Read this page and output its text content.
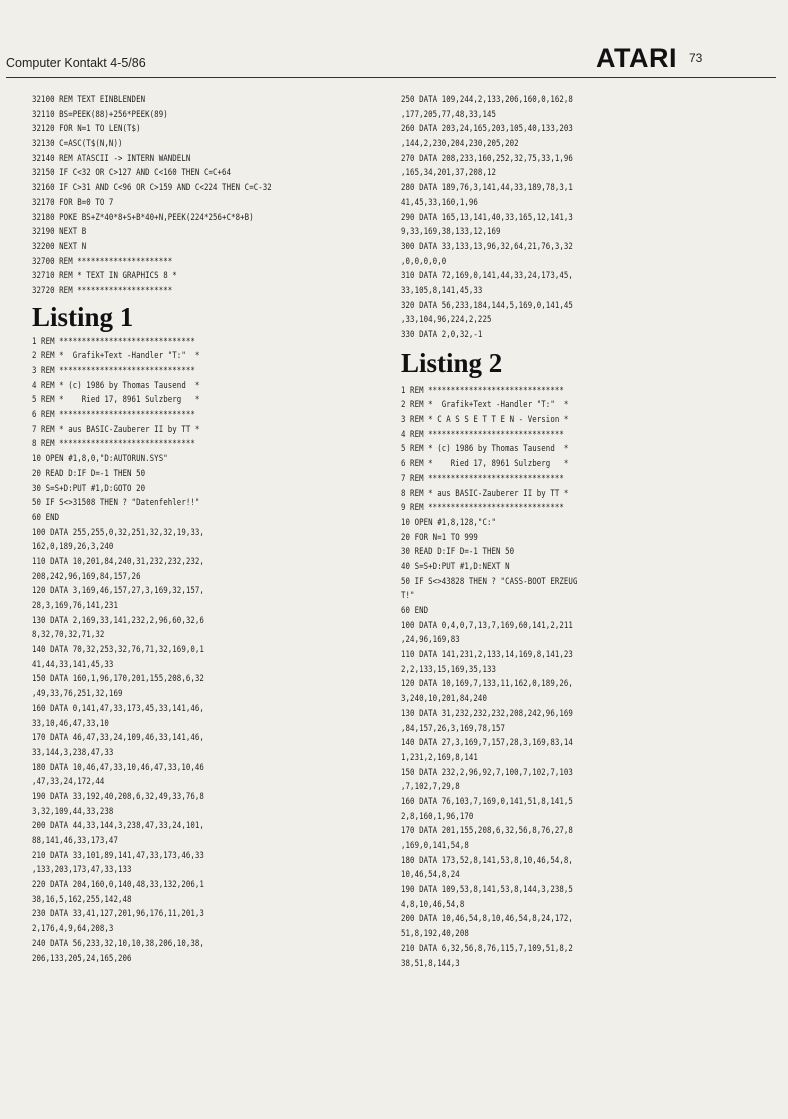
Computer Kontakt 4-5/86	ATARI 73
32100 REM TEXT EINBLENDEN
32110 BS=PEEK(88)+256*PEEK(89)
32120 FOR N=1 TO LEN(T$)
32130 C=ASC(T$(N,N))
32140 REM ATASCII -> INTERN WANDELN
32150 IF C<32 OR C>127 AND C<160 THEN C=C+64
32160 IF C>31 AND C<96 OR C>159 AND C<224 THEN C=C-32
32170 FOR B=0 TO 7
32180 POKE BS+Z*40*8+S+B*40+N,PEEK(224*256+C*8+B)
32190 NEXT B
32200 NEXT N
32700 REM *********************
32710 REM * TEXT IN GRAPHICS 8 *
32720 REM *********************
Listing 1
1 REM ******************************
2 REM *  Grafik+Text -Handler "T:"  *
3 REM ******************************
4 REM * (c) 1986 by Thomas Tausend  *
5 REM *    Ried 17, 8961 Sulzberg   *
6 REM ******************************
7 REM * aus BASIC-Zauberer II by TT *
8 REM ******************************
10 OPEN #1,8,0,"D:AUTORUN.SYS"
20 READ D:IF D=-1 THEN 50
30 S=S+D:PUT #1,D:GOTO 20
50 IF S<>31508 THEN ? "Datenfehler!!"
60 END
100 DATA 255,255,0,32,251,32,32,19,33,
162,0,189,26,3,240
110 DATA 10,201,84,240,31,232,232,232,
208,242,96,169,84,157,26
120 DATA 3,169,46,157,27,3,169,32,157,
28,3,169,76,141,231
130 DATA 2,169,33,141,232,2,96,60,32,6
8,32,70,32,71,32
140 DATA 70,32,253,32,76,71,32,169,0,1
41,44,33,141,45,33
150 DATA 160,1,96,170,201,155,208,6,32
,49,33,76,251,32,169
160 DATA 0,141,47,33,173,45,33,141,46,
33,10,46,47,33,10
170 DATA 46,47,33,24,109,46,33,141,46,
33,144,3,238,47,33
180 DATA 10,46,47,33,10,46,47,33,10,46
,47,33,24,172,44
190 DATA 33,192,40,208,6,32,49,33,76,8
3,32,109,44,33,238
200 DATA 44,33,144,3,238,47,33,24,101,
88,141,46,33,173,47
210 DATA 33,101,89,141,47,33,173,46,33
,133,203,173,47,33,133
220 DATA 204,160,0,140,48,33,132,206,1
38,16,5,162,255,142,48
230 DATA 33,41,127,201,96,176,11,201,3
2,176,4,9,64,208,3
240 DATA 56,233,32,10,10,38,206,10,38,
206,133,205,24,165,206
250 DATA 109,244,2,133,206,160,0,162,8
,177,205,77,48,33,145
260 DATA 203,24,165,203,105,40,133,203
,144,2,230,204,230,205,202
270 DATA 208,233,160,252,32,75,33,1,96
,165,34,201,37,208,12
280 DATA 189,76,3,141,44,33,189,78,3,1
41,45,33,160,1,96
290 DATA 165,13,141,40,33,165,12,141,3
9,33,169,38,133,12,169
300 DATA 33,133,13,96,32,64,21,76,3,32
,0,0,0,0,0
310 DATA 72,169,0,141,44,33,24,173,45,
33,105,8,141,45,33
320 DATA 56,233,184,144,5,169,0,141,45
,33,104,96,224,2,225
330 DATA 2,0,32,-1
Listing 2
1 REM ******************************
2 REM *  Grafik+Text -Handler "T:"  *
3 REM * C A S S E T T E N - Version *
4 REM ******************************
5 REM * (c) 1986 by Thomas Tausend  *
6 REM *    Ried 17, 8961 Sulzberg   *
7 REM ******************************
8 REM * aus BASIC-Zauberer II by TT *
9 REM ******************************
10 OPEN #1,8,128,"C:"
20 FOR N=1 TO 999
30 READ D:IF D=-1 THEN 50
40 S=S+D:PUT #1,D:NEXT N
50 IF S<>43828 THEN ? "CASS-BOOT ERZEUG
T!"
60 END
100 DATA 0,4,0,7,13,7,169,60,141,2,211
,24,96,169,83
110 DATA 141,231,2,133,14,169,8,141,23
2,2,133,15,169,35,133
120 DATA 10,169,7,133,11,162,0,189,26,
3,240,10,201,84,240
130 DATA 31,232,232,232,208,242,96,169
,84,157,26,3,169,78,157
140 DATA 27,3,169,7,157,28,3,169,83,14
1,231,2,169,8,141
150 DATA 232,2,96,92,7,100,7,102,7,103
,7,102,7,29,8
160 DATA 76,103,7,169,0,141,51,8,141,5
2,8,160,1,96,170
170 DATA 201,155,208,6,32,56,8,76,27,8
,169,0,141,54,8
180 DATA 173,52,8,141,53,8,10,46,54,8,
10,46,54,8,24
190 DATA 109,53,8,141,53,8,144,3,238,5
4,8,10,46,54,8
200 DATA 10,46,54,8,10,46,54,8,24,172,
51,8,192,40,208
210 DATA 6,32,56,8,76,115,7,109,51,8,2
38,51,8,144,3
